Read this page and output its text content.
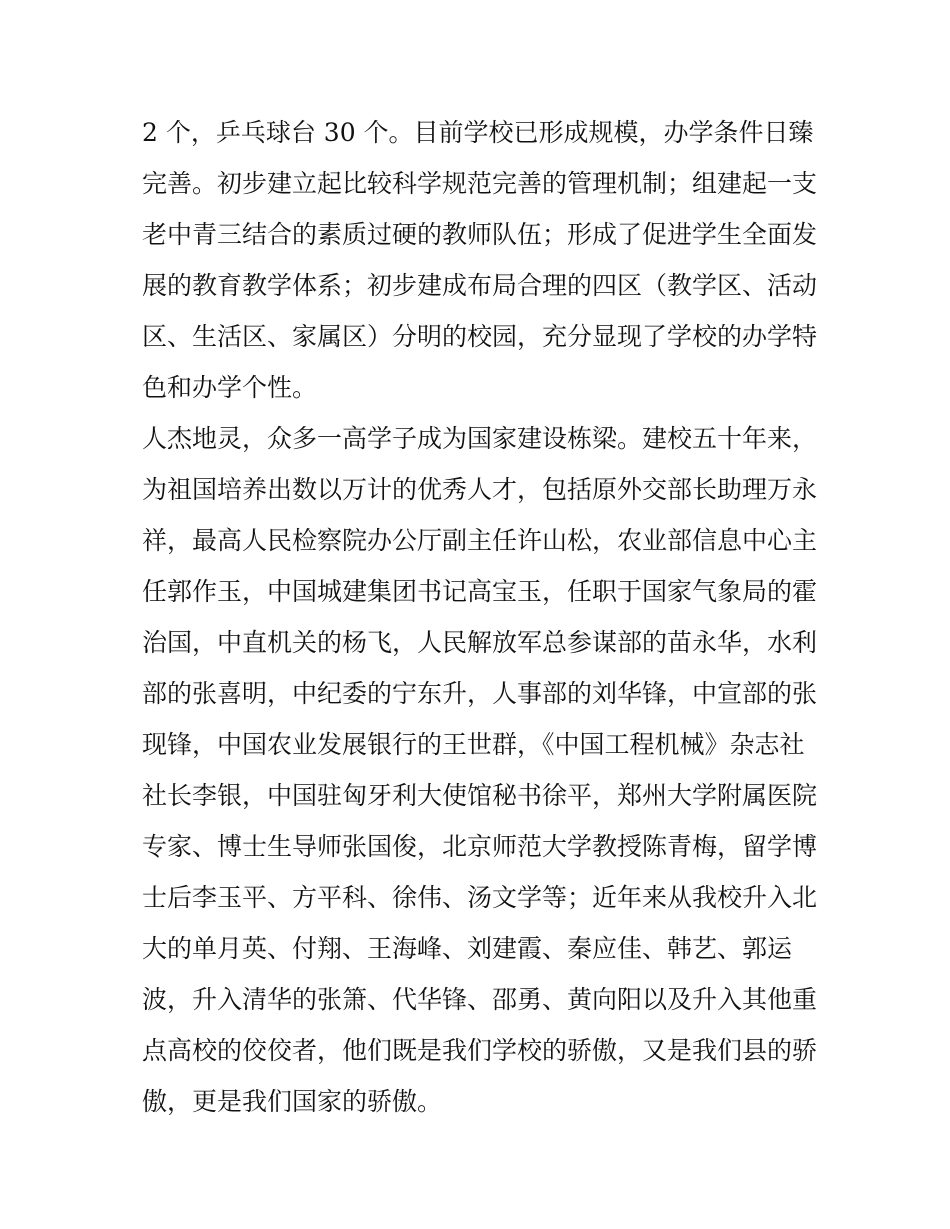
2 个，乒乓球台 30 个。目前学校已形成规模，办学条件日臻
完善。初步建立起比较科学规范完善的管理机制；组建起一支
老中青三结合的素质过硬的教师队伍；形成了促进学生全面发
展的教育教学体系；初步建成布局合理的四区（教学区、活动
区、生活区、家属区）分明的校园，充分显现了学校的办学特
色和办学个性。
人杰地灵，众多一高学子成为国家建设栋梁。建校五十年来，
为祖国培养出数以万计的优秀人才，包括原外交部长助理万永
祥，最高人民检察院办公厅副主任许山松，农业部信息中心主
任郭作玉，中国城建集团书记高宝玉，任职于国家气象局的霍
治国，中直机关的杨飞，人民解放军总参谋部的苗永华，水利
部的张喜明，中纪委的宁东升，人事部的刘华锋，中宣部的张
现锋，中国农业发展银行的王世群，《中国工程机械》杂志社
社长李银，中国驻匈牙利大使馆秘书徐平，郑州大学附属医院
专家、博士生导师张国俊，北京师范大学教授陈青梅，留学博
士后李玉平、方平科、徐伟、汤文学等；近年来从我校升入北
大的单月英、付翔、王海峰、刘建霞、秦应佳、韩艺、郭运
波，升入清华的张箫、代华锋、邵勇、黄向阳以及升入其他重
点高校的佼佼者，他们既是我们学校的骄傲，又是我们县的骄
傲，更是我们国家的骄傲。
